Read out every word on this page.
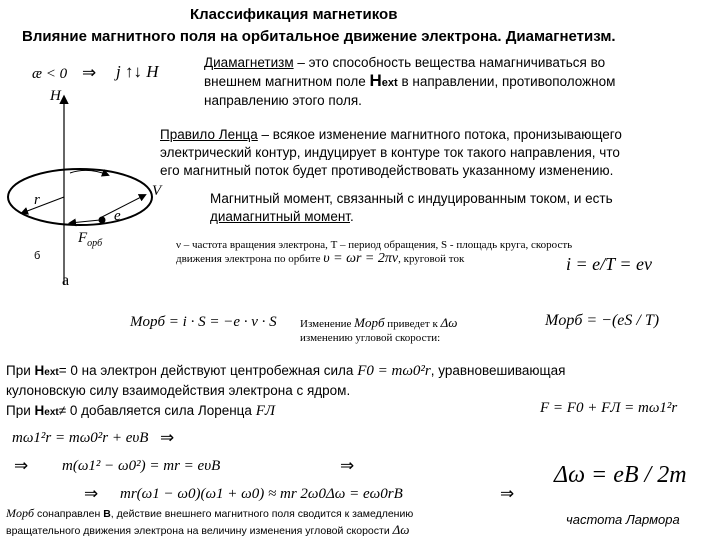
Классификация магнетиков
Влияние магнитного поля на орбитальное движение электрона. Диамагнетизм.
æ < 0 ⇒ j ↑↓ H
H
V
r
e
$F_{орб}$
б
а
Диамагнетизм – это способность вещества намагничиваться во
внешнем магнитном поле Hext в направлении, противоположном
направлению этого поля.
Правило Ленца – всякое изменение магнитного потока, пронизывающего
электрический контур, индуцирует в контуре ток такого направления, что
его магнитный поток будет противодействовать указанному изменению.
Магнитный момент, связанный с индуцированным током, и есть
диамагнитный момент.
ν – частота вращения электрона, T – период обращения, S - площадь круга, скорость
движения электрона по орбите υ = ωr = 2πν, круговой ток	i = e/T = eν
Mорб = i · S = −e · ν · S Изменение Mорб приведет к Δω
изменению угловой скорости:
Mорб = −(eS / T)
При Нext= 0 на электрон действуют центробежная сила F0 = mω0²r, уравновешивающая
кулоновскую силу взаимодействия электрона с ядром.
При Нext≠ 0 добавляется сила Лоренца FЛ	F = F0 + FЛ = mω1²r
mω1²r = mω0²r + eυB ⇒
⇒ m(ω1² − ω0²) = mr = eυB	⇒
⇒ mr(ω1 − ω0)(ω1 + ω0) ≈ mr 2ω0Δω = eω0rB	⇒
Δω = eB / 2m
частота Лармора
Mорб сонаправлен B, действие внешнего магнитного поля сводится к замедлению
вращательного движения электрона на величину изменения угловой скорости Δω
